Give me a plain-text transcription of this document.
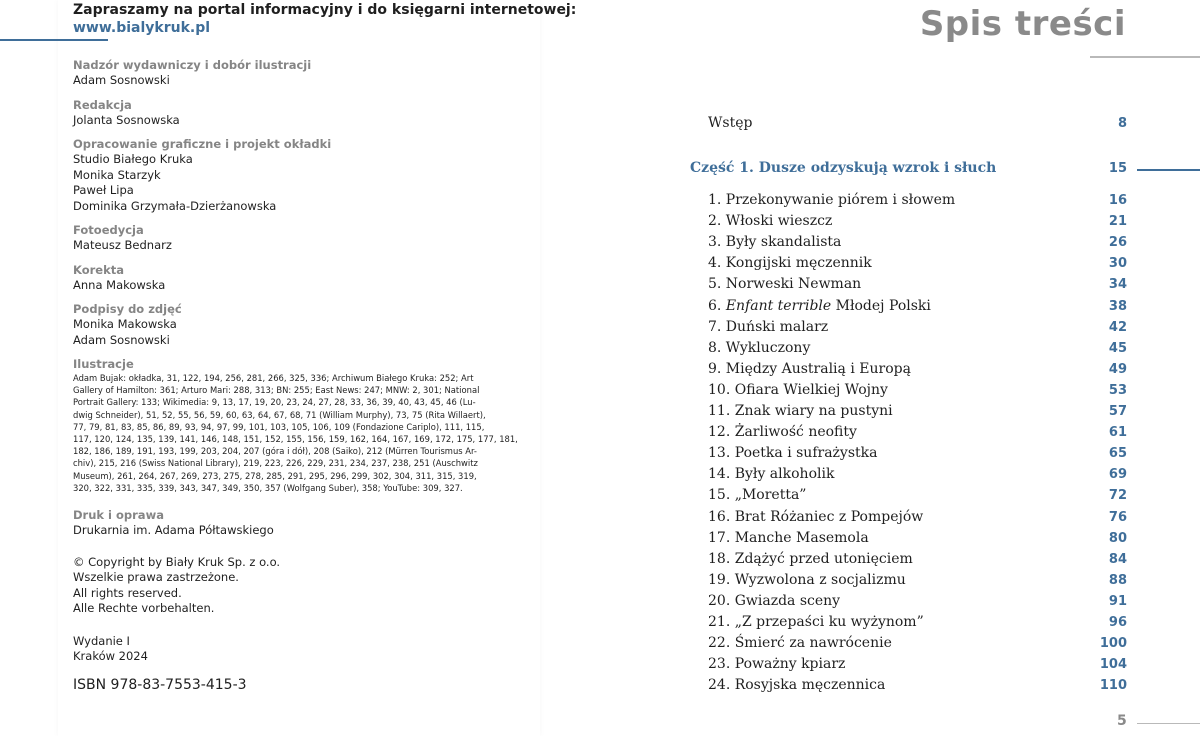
Zapraszamy na portal informacyjny i do księgarni internetowej:
www.bialykruk.pl
Nadzór wydawniczy i dobór ilustracji
Adam Sosnowski
Redakcja
Jolanta Sosnowska
Opracowanie graficzne i projekt okładki
Studio Białego Kruka
Monika Starzyk
Paweł Lipa
Dominika Grzymała-Dzierżanowska
Fotoedycja
Mateusz Bednarz
Korekta
Anna Makowska
Podpisy do zdjęć
Monika Makowska
Adam Sosnowski
Ilustracje
Adam Bujak: okładka, 31, 122, 194, 256, 281, 266, 325, 336; Archiwum Białego Kruka: 252; Art
Gallery of Hamilton: 361; Arturo Mari: 288, 313; BN: 255; East News: 247; MNW: 2, 301; National
Portrait Gallery: 133; Wikimedia: 9, 13, 17, 19, 20, 23, 24, 27, 28, 33, 36, 39, 40, 43, 45, 46 (Lu-
dwig Schneider), 51, 52, 55, 56, 59, 60, 63, 64, 67, 68, 71 (William Murphy), 73, 75 (Rita Willaert),
77, 79, 81, 83, 85, 86, 89, 93, 94, 97, 99, 101, 103, 105, 106, 109 (Fondazione Cariplo), 111, 115,
117, 120, 124, 135, 139, 141, 146, 148, 151, 152, 155, 156, 159, 162, 164, 167, 169, 172, 175, 177, 181,
182, 186, 189, 191, 193, 199, 203, 204, 207 (góra i dół), 208 (Saiko), 212 (Mürren Tourismus Ar-
chiv), 215, 216 (Swiss National Library), 219, 223, 226, 229, 231, 234, 237, 238, 251 (Auschwitz
Museum), 261, 264, 267, 269, 273, 275, 278, 285, 291, 295, 296, 299, 302, 304, 311, 315, 319,
320, 322, 331, 335, 339, 343, 347, 349, 350, 357 (Wolfgang Suber), 358; YouTube: 309, 327.
Druk i oprawa
Drukarnia im. Adama Półtawskiego
© Copyright by Biały Kruk Sp. z o.o.
Wszelkie prawa zastrzeżone.
All rights reserved.
Alle Rechte vorbehalten.
Wydanie I
Kraków 2024
ISBN 978-83-7553-415-3
Spis treści
Wstęp	8
Część 1. Dusze odzyskują wzrok i słuch	15
1. Przekonywanie piórem i słowem	16
2. Włoski wieszcz	21
3. Były skandalista	26
4. Kongijski męczennik	30
5. Norweski Newman	34
6. Enfant terrible Młodej Polski	38
7. Duński malarz	42
8. Wykluczony	45
9. Między Australią i Europą	49
10. Ofiara Wielkiej Wojny	53
11. Znak wiary na pustyni	57
12. Żarliwość neofity	61
13. Poetka i sufrażystka	65
14. Były alkoholik	69
15. „Moretta”	72
16. Brat Różaniec z Pompejów	76
17. Manche Masemola	80
18. Zdążyć przed utonięciem	84
19. Wyzwolona z socjalizmu	88
20. Gwiazda sceny	91
21. „Z przepaści ku wyżynom”	96
22. Śmierć za nawrócenie	100
23. Poważny kpiarz	104
24. Rosyjska męczennica	110
5
